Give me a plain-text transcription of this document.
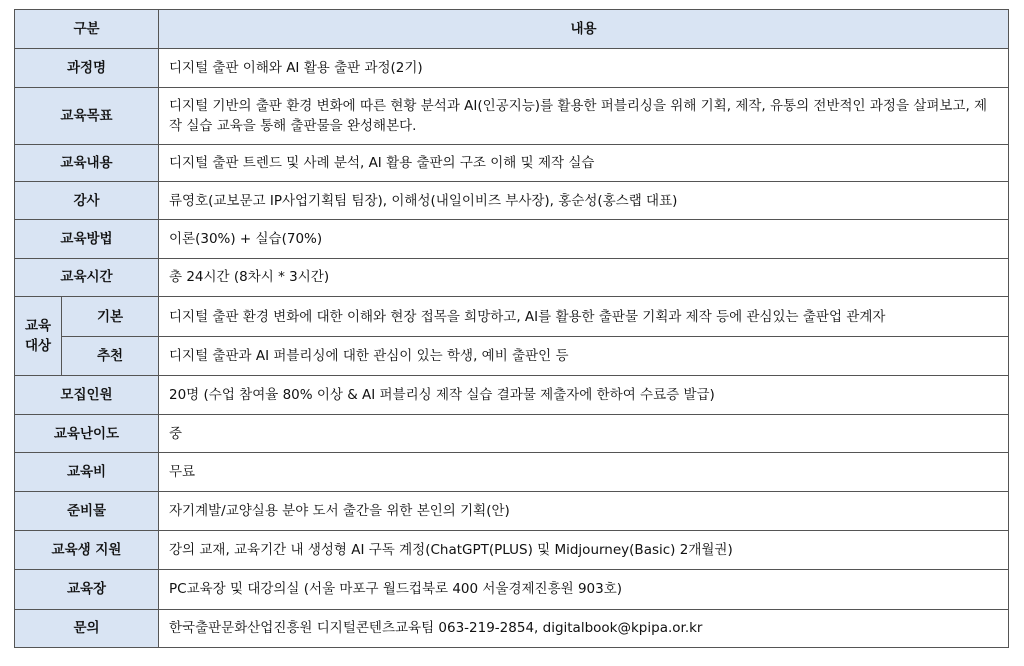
구분		내용
과정명		디지털 출판 이해와 AI 활용 출판 과정(2기)
교육목표		디지털 기반의 출판 환경 변화에 따른 현황 분석과 AI(인공지능)를 활용한 퍼블리싱을 위해 기획, 제작, 유통의 전반적인 과정을 살펴보고, 제작 실습 교육을 통해 출판물을 완성해본다.
교육내용		디지털 출판 트렌드 및 사례 분석, AI 활용 출판의 구조 이해 및 제작 실습
강사		류영호(교보문고 IP사업기획팀 팀장), 이해성(내일이비즈 부사장), 홍순성(홍스랩 대표)
교육방법		이론(30%) + 실습(70%)
교육시간		총 24시간 (8차시 * 3시간)
교육
대상	기본	디지털 출판 환경 변화에 대한 이해와 현장 접목을 희망하고, AI를 활용한 출판물 기획과 제작 등에 관심있는 출판업 관계자
	추천	디지털 출판과 AI 퍼블리싱에 대한 관심이 있는 학생, 예비 출판인 등
모집인원		20명 (수업 참여율 80% 이상 & AI 퍼블리싱 제작 실습 결과물 제출자에 한하여 수료증 발급)
교육난이도		중
교육비		무료
준비물		자기계발/교양실용 분야 도서 출간을 위한 본인의 기획(안)
교육생 지원		강의 교재, 교육기간 내 생성형 AI 구독 계정(ChatGPT(PLUS) 및 Midjourney(Basic) 2개월권)
교육장		PC교육장 및 대강의실 (서울 마포구 월드컵북로 400 서울경제진흥원 903호)
문의		한국출판문화산업진흥원 디지털콘텐츠교육팀 063-219-2854, digitalbook@kpipa.or.kr
